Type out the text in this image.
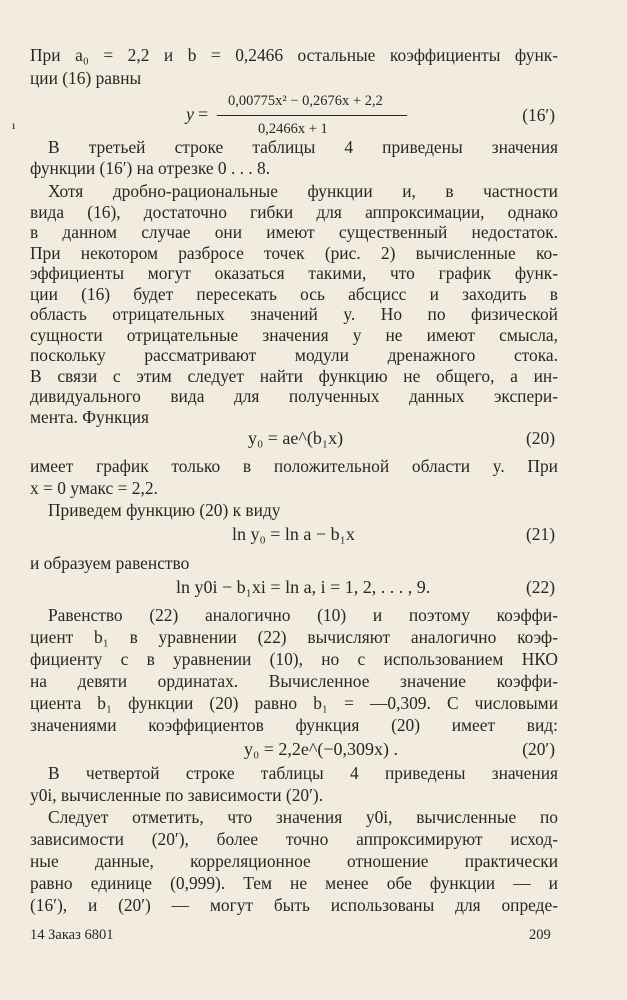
При a₀ = 2,2 и b = 0,2466 остальные коэффициенты функ-
ции (16) равны
ı
0,00775x² − 0,2676x + 2,2
0,2466x + 1
y =	(16′)
В третьей строке таблицы 4 приведены значения
функции (16′) на отрезке 0 . . . 8.
Хотя дробно-рациональные функции и, в частности
вида (16), достаточно гибки для аппроксимации, однако
в данном случае они имеют существенный недостаток.
При некотором разбросе точек (рис. 2) вычисленные ко-
эффициенты могут оказаться такими, что график функ-
ции (16) будет пересекать ось абсцисс и заходить в
область отрицательных значений y. Но по физической
сущности отрицательные значения y не имеют смысла,
поскольку рассматривают модули дренажного стока.
В связи с этим следует найти функцию не общего, а ин-
дивидуального вида для полученных данных экспери-
мента. Функция
y₀ = ae^(b₁x)	(20)
имеет график только в положительной области y. При
x = 0 yмакс = 2,2.
Приведем функцию (20) к виду
ln y₀ = ln a − b₁x	(21)
и образуем равенство
ln y0i − b₁xi = ln a, i = 1, 2, . . . , 9.	(22)
Равенство (22) аналогично (10) и поэтому коэффи-
циент b₁ в уравнении (22) вычисляют аналогично коэф-
фициенту c в уравнении (10), но с использованием НКО
на девяти ординатах. Вычисленное значение коэффи-
циента b₁ функции (20) равно b₁ = —0,309. С числовыми
значениями коэффициентов функция (20) имеет вид:
y₀ = 2,2e^(−0,309x) .	(20′)
В четвертой строке таблицы 4 приведены значения
y0i, вычисленные по зависимости (20′).
Следует отметить, что значения y0i, вычисленные по
зависимости (20′), более точно аппроксимируют исход-
ные данные, корреляционное отношение практически
равно единице (0,999). Тем не менее обе функции — и
(16′), и (20′) — могут быть использованы для опреде-
14 Заказ 6801	209
